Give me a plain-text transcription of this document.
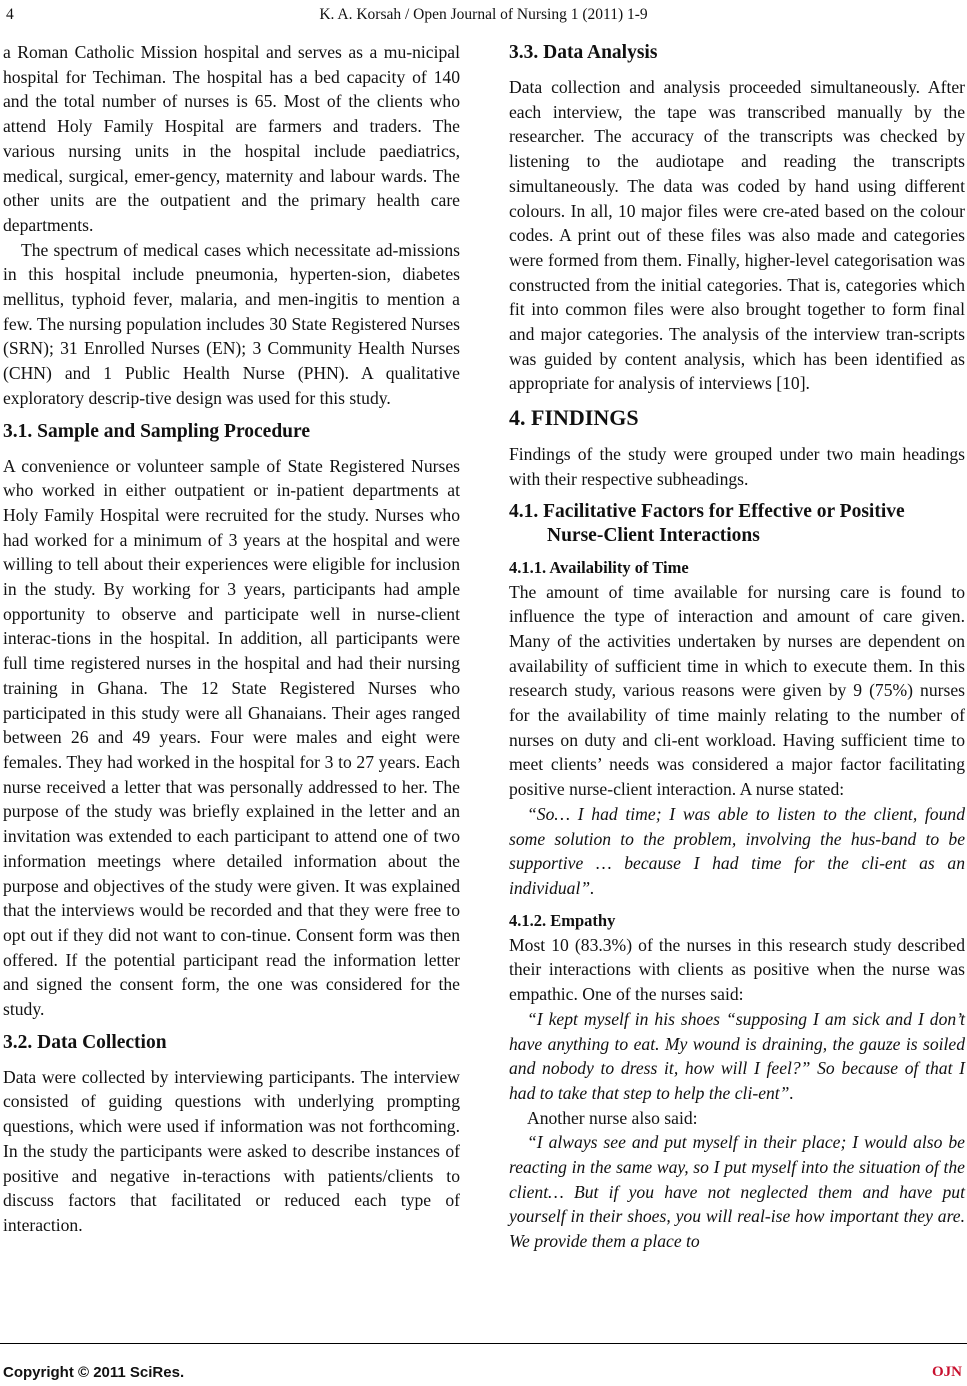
4	K. A. Korsah / Open Journal of Nursing 1 (2011) 1-9

a Roman Catholic Mission hospital and serves as a mu-nicipal hospital for Techiman. The hospital has a bed capacity of 140 and the total number of nurses is 65. Most of the clients who attend Holy Family Hospital are farmers and traders. The various nursing units in the hospital include paediatrics, medical, surgical, emer-gency, maternity and labour wards. The other units are the outpatient and the primary health care departments.

The spectrum of medical cases which necessitate ad-missions in this hospital include pneumonia, hyperten-sion, diabetes mellitus, typhoid fever, malaria, and men-ingitis to mention a few. The nursing population includes 30 State Registered Nurses (SRN); 31 Enrolled Nurses (EN); 3 Community Health Nurses (CHN) and 1 Public Health Nurse (PHN). A qualitative exploratory descrip-tive design was used for this study.

3.1. Sample and Sampling Procedure

A convenience or volunteer sample of State Registered Nurses who worked in either outpatient or in-patient departments at Holy Family Hospital were recruited for the study. Nurses who had worked for a minimum of 3 years at the hospital and were willing to tell about their experiences were eligible for inclusion in the study. By working for 3 years, participants had ample opportunity to observe and participate well in nurse-client interac-tions in the hospital. In addition, all participants were full time registered nurses in the hospital and had their nursing training in Ghana. The 12 State Registered Nurses who participated in this study were all Ghanaians. Their ages ranged between 26 and 49 years. Four were males and eight were females. They had worked in the hospital for 3 to 27 years. Each nurse received a letter that was personally addressed to her. The purpose of the study was briefly explained in the letter and an invitation was extended to each participant to attend one of two information meetings where detailed information about the purpose and objectives of the study were given. It was explained that the interviews would be recorded and that they were free to opt out if they did not want to con-tinue. Consent form was then offered. If the potential participant read the information letter and signed the consent form, the one was considered for the study.

3.2. Data Collection

Data were collected by interviewing participants. The interview consisted of guiding questions with underlying prompting questions, which were used if information was not forthcoming. In the study the participants were asked to describe instances of positive and negative in-teractions with patients/clients to discuss factors that facilitated or reduced each type of interaction.

3.3. Data Analysis

Data collection and analysis proceeded simultaneously. After each interview, the tape was transcribed manually by the researcher. The accuracy of the transcripts was checked by listening to the audiotape and reading the transcripts simultaneously. The data was coded by hand using different colours. In all, 10 major files were cre-ated based on the colour codes. A print out of these files was also made and categories were formed from them. Finally, higher-level categorisation was constructed from the initial categories. That is, categories which fit into common files were also brought together to form final and major categories. The analysis of the interview tran-scripts was guided by content analysis, which has been identified as appropriate for analysis of interviews [10].

4. FINDINGS

Findings of the study were grouped under two main headings with their respective subheadings.

4.1. Facilitative Factors for Effective or Positive Nurse-Client Interactions
4.1.1. Availability of Time

The amount of time available for nursing care is found to influence the type of interaction and amount of care given. Many of the activities undertaken by nurses are dependent on availability of sufficient time in which to execute them. In this research study, various reasons were given by 9 (75%) nurses for the availability of time mainly relating to the number of nurses on duty and cli-ent workload. Having sufficient time to meet clients’ needs was considered a major factor facilitating positive nurse-client interaction. A nurse stated:

“So… I had time; I was able to listen to the client, found some solution to the problem, involving the hus-band to be supportive … because I had time for the cli-ent as an individual”.

4.1.2. Empathy

Most 10 (83.3%) of the nurses in this research study described their interactions with clients as positive when the nurse was empathic. One of the nurses said:

“I kept myself in his shoes “supposing I am sick and I don’t have anything to eat. My wound is draining, the gauze is soiled and nobody to dress it, how will I feel?” So because of that I had to take that step to help the cli-ent”.

Another nurse also said:

“I always see and put myself in their place; I would also be reacting in the same way, so I put myself into the situation of the client… But if you have not neglected them and have put yourself in their shoes, you will real-ise how important they are. We provide them a place to

Copyright © 2011 SciRes.	OJN
